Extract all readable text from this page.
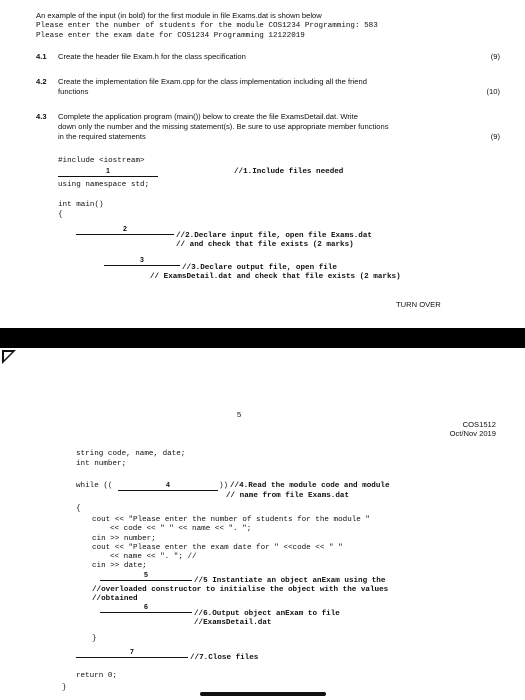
An example of the input (in bold) for the first module in file Exams.dat is shown below
Please enter the number of students for the module COS1234 Programming: 583
Please enter the exam date for COS1234 Programming 12122019
4.1 Create the header file Exam.h for the class specification	(9)
4.2 Create the implementation file Exam.cpp for the class implementation including all the friend
functions	(10)
4.3 Complete the application program (main()) below to create the file ExamsDetail.dat. Write
down only the number and the missing statement(s). Be sure to use appropriate member functions
in the required statements	(9)
#include <iostream>
1	//1.Include files needed
using namespace std;
int main()
{
2
//2.Declare input file, open file Exams.dat
// and check that file exists (2 marks)
3
//3.Declare output file, open file
// ExamsDetail.dat and check that file exists (2 marks)
TURN OVER
5
COS1512
Oct/Nov 2019
string code, name, date;
int number;
while ((	4	)) //4.Read the module code and module
// name from file Exams.dat
{
cout << "Please enter the number of students for the module "
<< code << " " << name << ". ";
cin >> number;
cout << "Please enter the exam date for " <<code << " "
<< name << ". "; //
cin >> date;
5
//5 Instantiate an object anExam using the
//overloaded constructor to initialise the object with the values
//obtained
6
//6.Output object anExam to file
//ExamsDetail.dat
}
7
//7.Close files
return 0;
}
